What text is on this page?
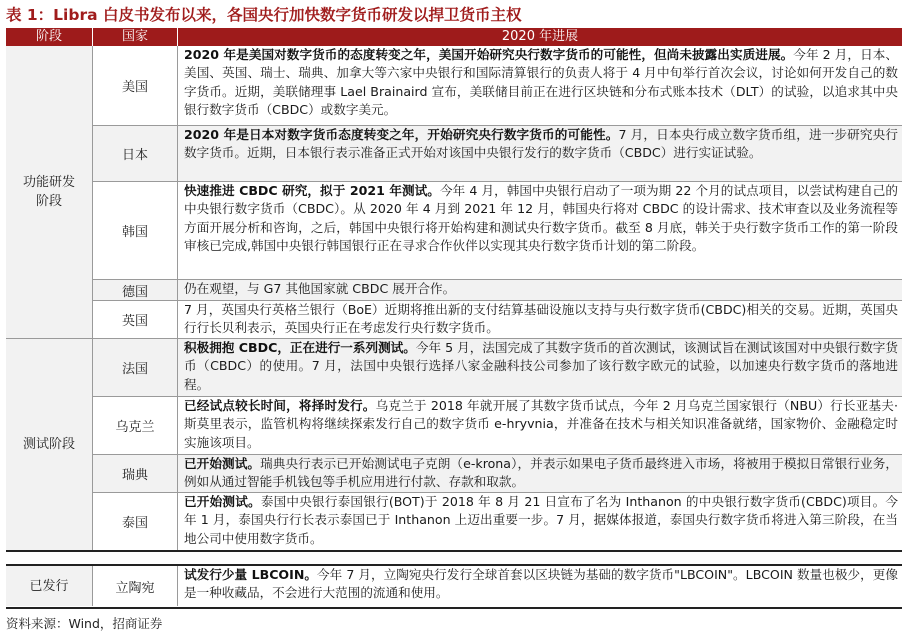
表 1：Libra 白皮书发布以来，各国央行加快数字货币研发以捍卫货币主权
阶段	国家	2020 年进展
功能研发阶段
测试阶段
已发行
美国
日本
韩国
德国
英国
法国
乌克兰
瑞典
泰国
立陶宛
2020 年是美国对数字货币的态度转变之年，美国开始研究央行数字货币的可能性，但尚未披露出实质进展。今年 2 月，日本、美国、英国、瑞士、瑞典、加拿大等六家中央银行和国际清算银行的负责人将于 4 月中旬举行首次会议，讨论如何开发自己的数字货币。近期，美联储理事 Lael Brainaird 宣布，美联储目前正在进行区块链和分布式账本技术（DLT）的试验，以追求其中央银行数字货币（CBDC）或数字美元。
2020 年是日本对数字货币态度转变之年，开始研究央行数字货币的可能性。7 月，日本央行成立数字货币组，进一步研究央行数字货币。近期，日本银行表示准备正式开始对该国中央银行发行的数字货币（CBDC）进行实证试验。
快速推进 CBDC 研究，拟于 2021 年测试。今年 4 月，韩国中央银行启动了一项为期 22 个月的试点项目，以尝试构建自己的中央银行数字货币（CBDC）。从 2020 年 4 月到 2021 年 12 月，韩国央行将对 CBDC 的设计需求、技术审查以及业务流程等方面开展分析和咨询，之后，韩国中央银行将开始构建和测试央行数字货币。截至 8 月底，韩关于央行数字货币工作的第一阶段审核已完成,韩国中央银行韩国银行正在寻求合作伙伴以实现其央行数字货币计划的第二阶段。
仍在观望，与 G7 其他国家就 CBDC 展开合作。
7 月，英国央行英格兰银行（BoE）近期将推出新的支付结算基础设施以支持与央行数字货币(CBDC)相关的交易。近期，英国央行行长贝利表示，英国央行正在考虑发行央行数字货币。
积极拥抱 CBDC，正在进行一系列测试。今年 5 月，法国完成了其数字货币的首次测试，该测试旨在测试该国对中央银行数字货币（CBDC）的使用。7 月，法国中央银行选择八家金融科技公司参加了该行数字欧元的试验，以加速央行数字货币的落地进程。
已经试点较长时间，将择时发行。乌克兰于 2018 年就开展了其数字货币试点，今年 2 月乌克兰国家银行（NBU）行长亚基夫·斯莫里表示，监管机构将继续探索发行自己的数字货币 e-hryvnia，并准备在技术与相关知识准备就绪，国家物价、金融稳定时实施该项目。
已开始测试。瑞典央行表示已开始测试电子克朗（e-krona），并表示如果电子货币最终进入市场，将被用于模拟日常银行业务，例如从通过智能手机钱包等手机应用进行付款、存款和取款。
已开始测试。泰国中央银行泰国银行(BOT)于 2018 年 8 月 21 日宣布了名为 Inthanon 的中央银行数字货币(CBDC)项目。今年 1 月，泰国央行行长表示泰国已于 Inthanon 上迈出重要一步。7 月，据媒体报道，泰国央行数字货币将进入第三阶段，在当地公司中使用数字货币。
试发行少量 LBCOIN。今年 7 月，立陶宛央行发行全球首套以区块链为基础的数字货币"LBCOIN"。LBCOIN 数量也极少，更像是一种收藏品，不会进行大范围的流通和使用。
资料来源：Wind，招商证券
